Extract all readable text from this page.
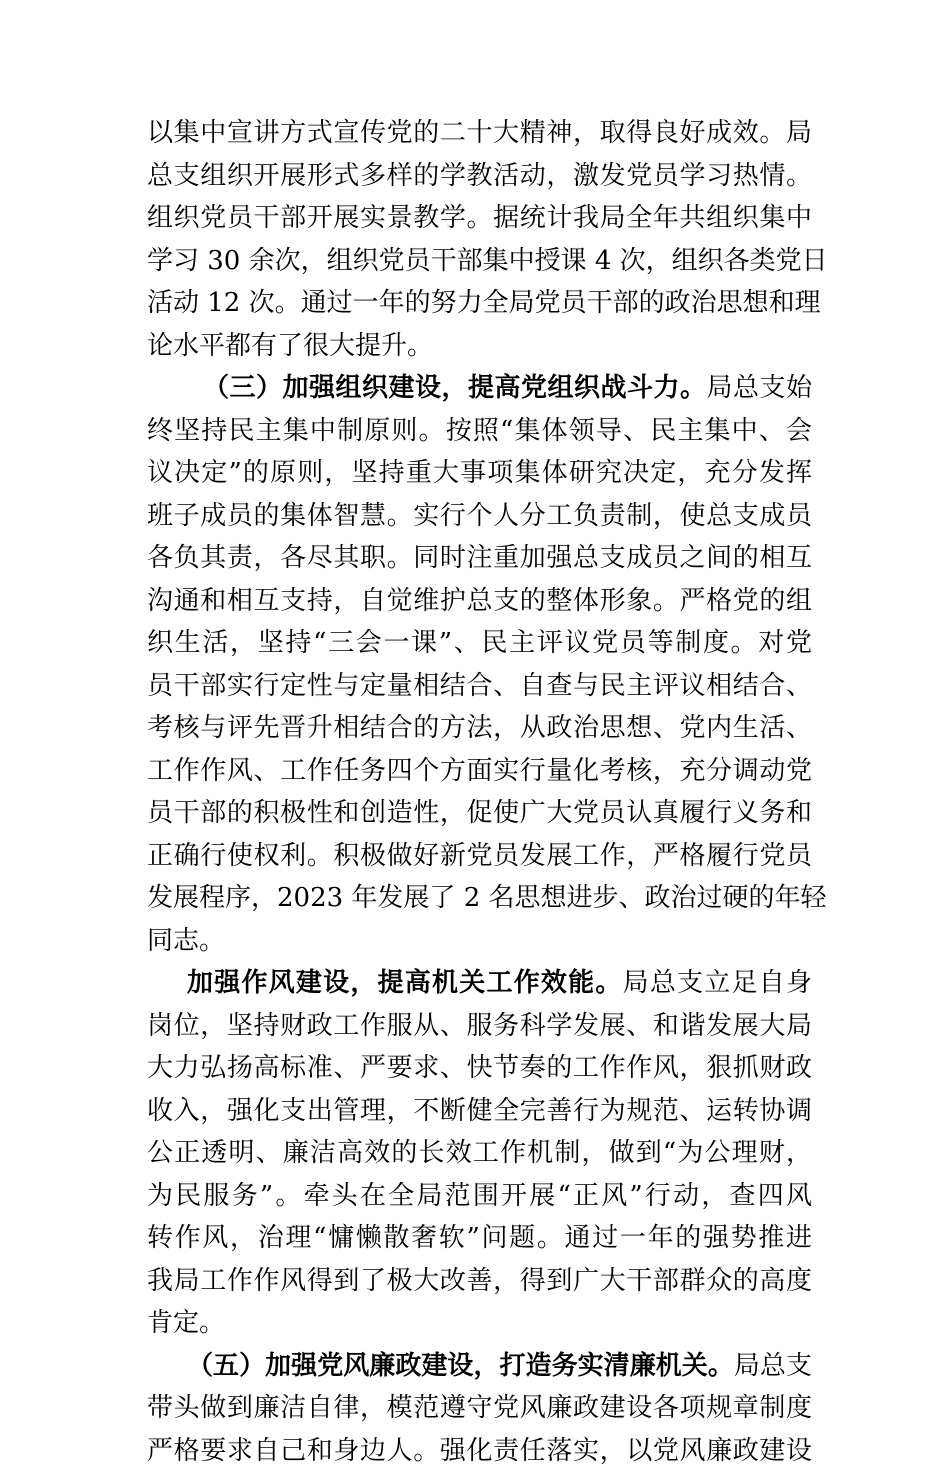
以集中宣讲方式宣传党的二十大精神，取得良好成效。局
总支组织开展形式多样的学教活动，激发党员学习热情。
组织党员干部开展实景教学。据统计我局全年共组织集中
学习 30 余次，组织党员干部集中授课 4 次，组织各类党日
活动 12 次。通过一年的努力全局党员干部的政治思想和理
论水平都有了很大提升。
（三）加强组织建设，提高党组织战斗力。局总支始
终坚持民主集中制原则。按照“集体领导、民主集中、会
议决定”的原则，坚持重大事项集体研究决定，充分发挥
班子成员的集体智慧。实行个人分工负责制，使总支成员
各负其责，各尽其职。同时注重加强总支成员之间的相互
沟通和相互支持，自觉维护总支的整体形象。严格党的组
织生活，坚持“三会一课”、民主评议党员等制度。对党
员干部实行定性与定量相结合、自查与民主评议相结合、
考核与评先晋升相结合的方法，从政治思想、党内生活、
工作作风、工作任务四个方面实行量化考核，充分调动党
员干部的积极性和创造性，促使广大党员认真履行义务和
正确行使权利。积极做好新党员发展工作，严格履行党员
发展程序，2023 年发展了 2 名思想进步、政治过硬的年轻
同志。
加强作风建设，提高机关工作效能。局总支立足自身
岗位，坚持财政工作服从、服务科学发展、和谐发展大局
大力弘扬高标准、严要求、快节奏的工作作风，狠抓财政
收入，强化支出管理，不断健全完善行为规范、运转协调
公正透明、廉洁高效的长效工作机制，做到“为公理财，
为民服务”。牵头在全局范围开展“正风”行动，查四风
转作风，治理“慵懒散奢软”问题。通过一年的强势推进
我局工作作风得到了极大改善，得到广大干部群众的高度
肯定。
（五）加强党风廉政建设，打造务实清廉机关。局总支
带头做到廉洁自律，模范遵守党风廉政建设各项规章制度
严格要求自己和身边人。强化责任落实，以党风廉政建设
